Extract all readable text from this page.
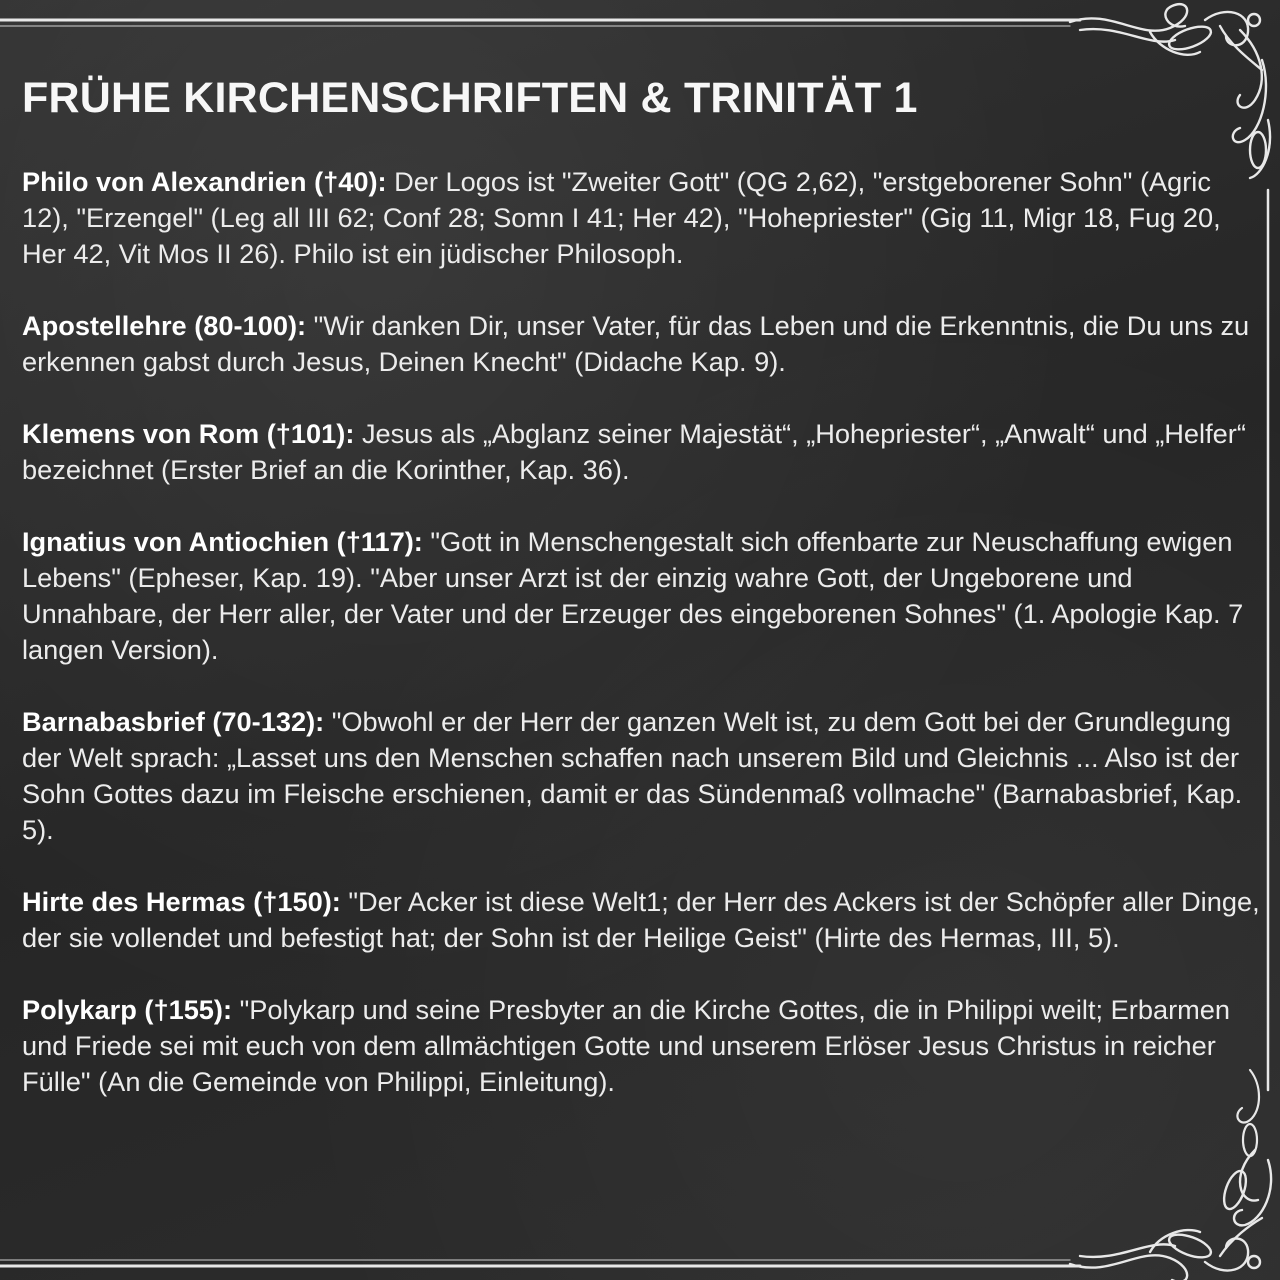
FRÜHE KIRCHENSCHRIFTEN & TRINITÄT 1

Philo von Alexandrien (†40): Der Logos ist "Zweiter Gott" (QG 2,62), "erstgeborener Sohn" (Agric 12), "Erzengel" (Leg all III 62; Conf 28; Somn I 41; Her 42), "Hohepriester" (Gig 11, Migr 18, Fug 20, Her 42, Vit Mos II 26). Philo ist ein jüdischer Philosoph.

Apostellehre (80-100): "Wir danken Dir, unser Vater, für das Leben und die Erkenntnis, die Du uns zu erkennen gabst durch Jesus, Deinen Knecht" (Didache Kap. 9).

Klemens von Rom (†101): Jesus als „Abglanz seiner Majestät“, „Hohepriester“, „Anwalt“ und „Helfer“ bezeichnet (Erster Brief an die Korinther, Kap. 36).

Ignatius von Antiochien (†117): "Gott in Menschengestalt sich offenbarte zur Neuschaffung ewigen Lebens" (Epheser, Kap. 19). "Aber unser Arzt ist der einzig wahre Gott, der Ungeborene und Unnahbare, der Herr aller, der Vater und der Erzeuger des eingeborenen Sohnes" (1. Apologie Kap. 7 langen Version).

Barnabasbrief (70-132): "Obwohl er der Herr der ganzen Welt ist, zu dem Gott bei der Grundlegung der Welt sprach: „Lasset uns den Menschen schaffen nach unserem Bild und Gleichnis ... Also ist der Sohn Gottes dazu im Fleische erschienen, damit er das Sündenmaß vollmache" (Barnabasbrief, Kap. 5).

Hirte des Hermas (†150): "Der Acker ist diese Welt1; der Herr des Ackers ist der Schöpfer aller Dinge, der sie vollendet und befestigt hat; der Sohn ist der Heilige Geist" (Hirte des Hermas, III, 5).

Polykarp (†155): "Polykarp und seine Presbyter an die Kirche Gottes, die in Philippi weilt; Erbarmen und Friede sei mit euch von dem allmächtigen Gotte und unserem Erlöser Jesus Christus in reicher Fülle" (An die Gemeinde von Philippi, Einleitung).
